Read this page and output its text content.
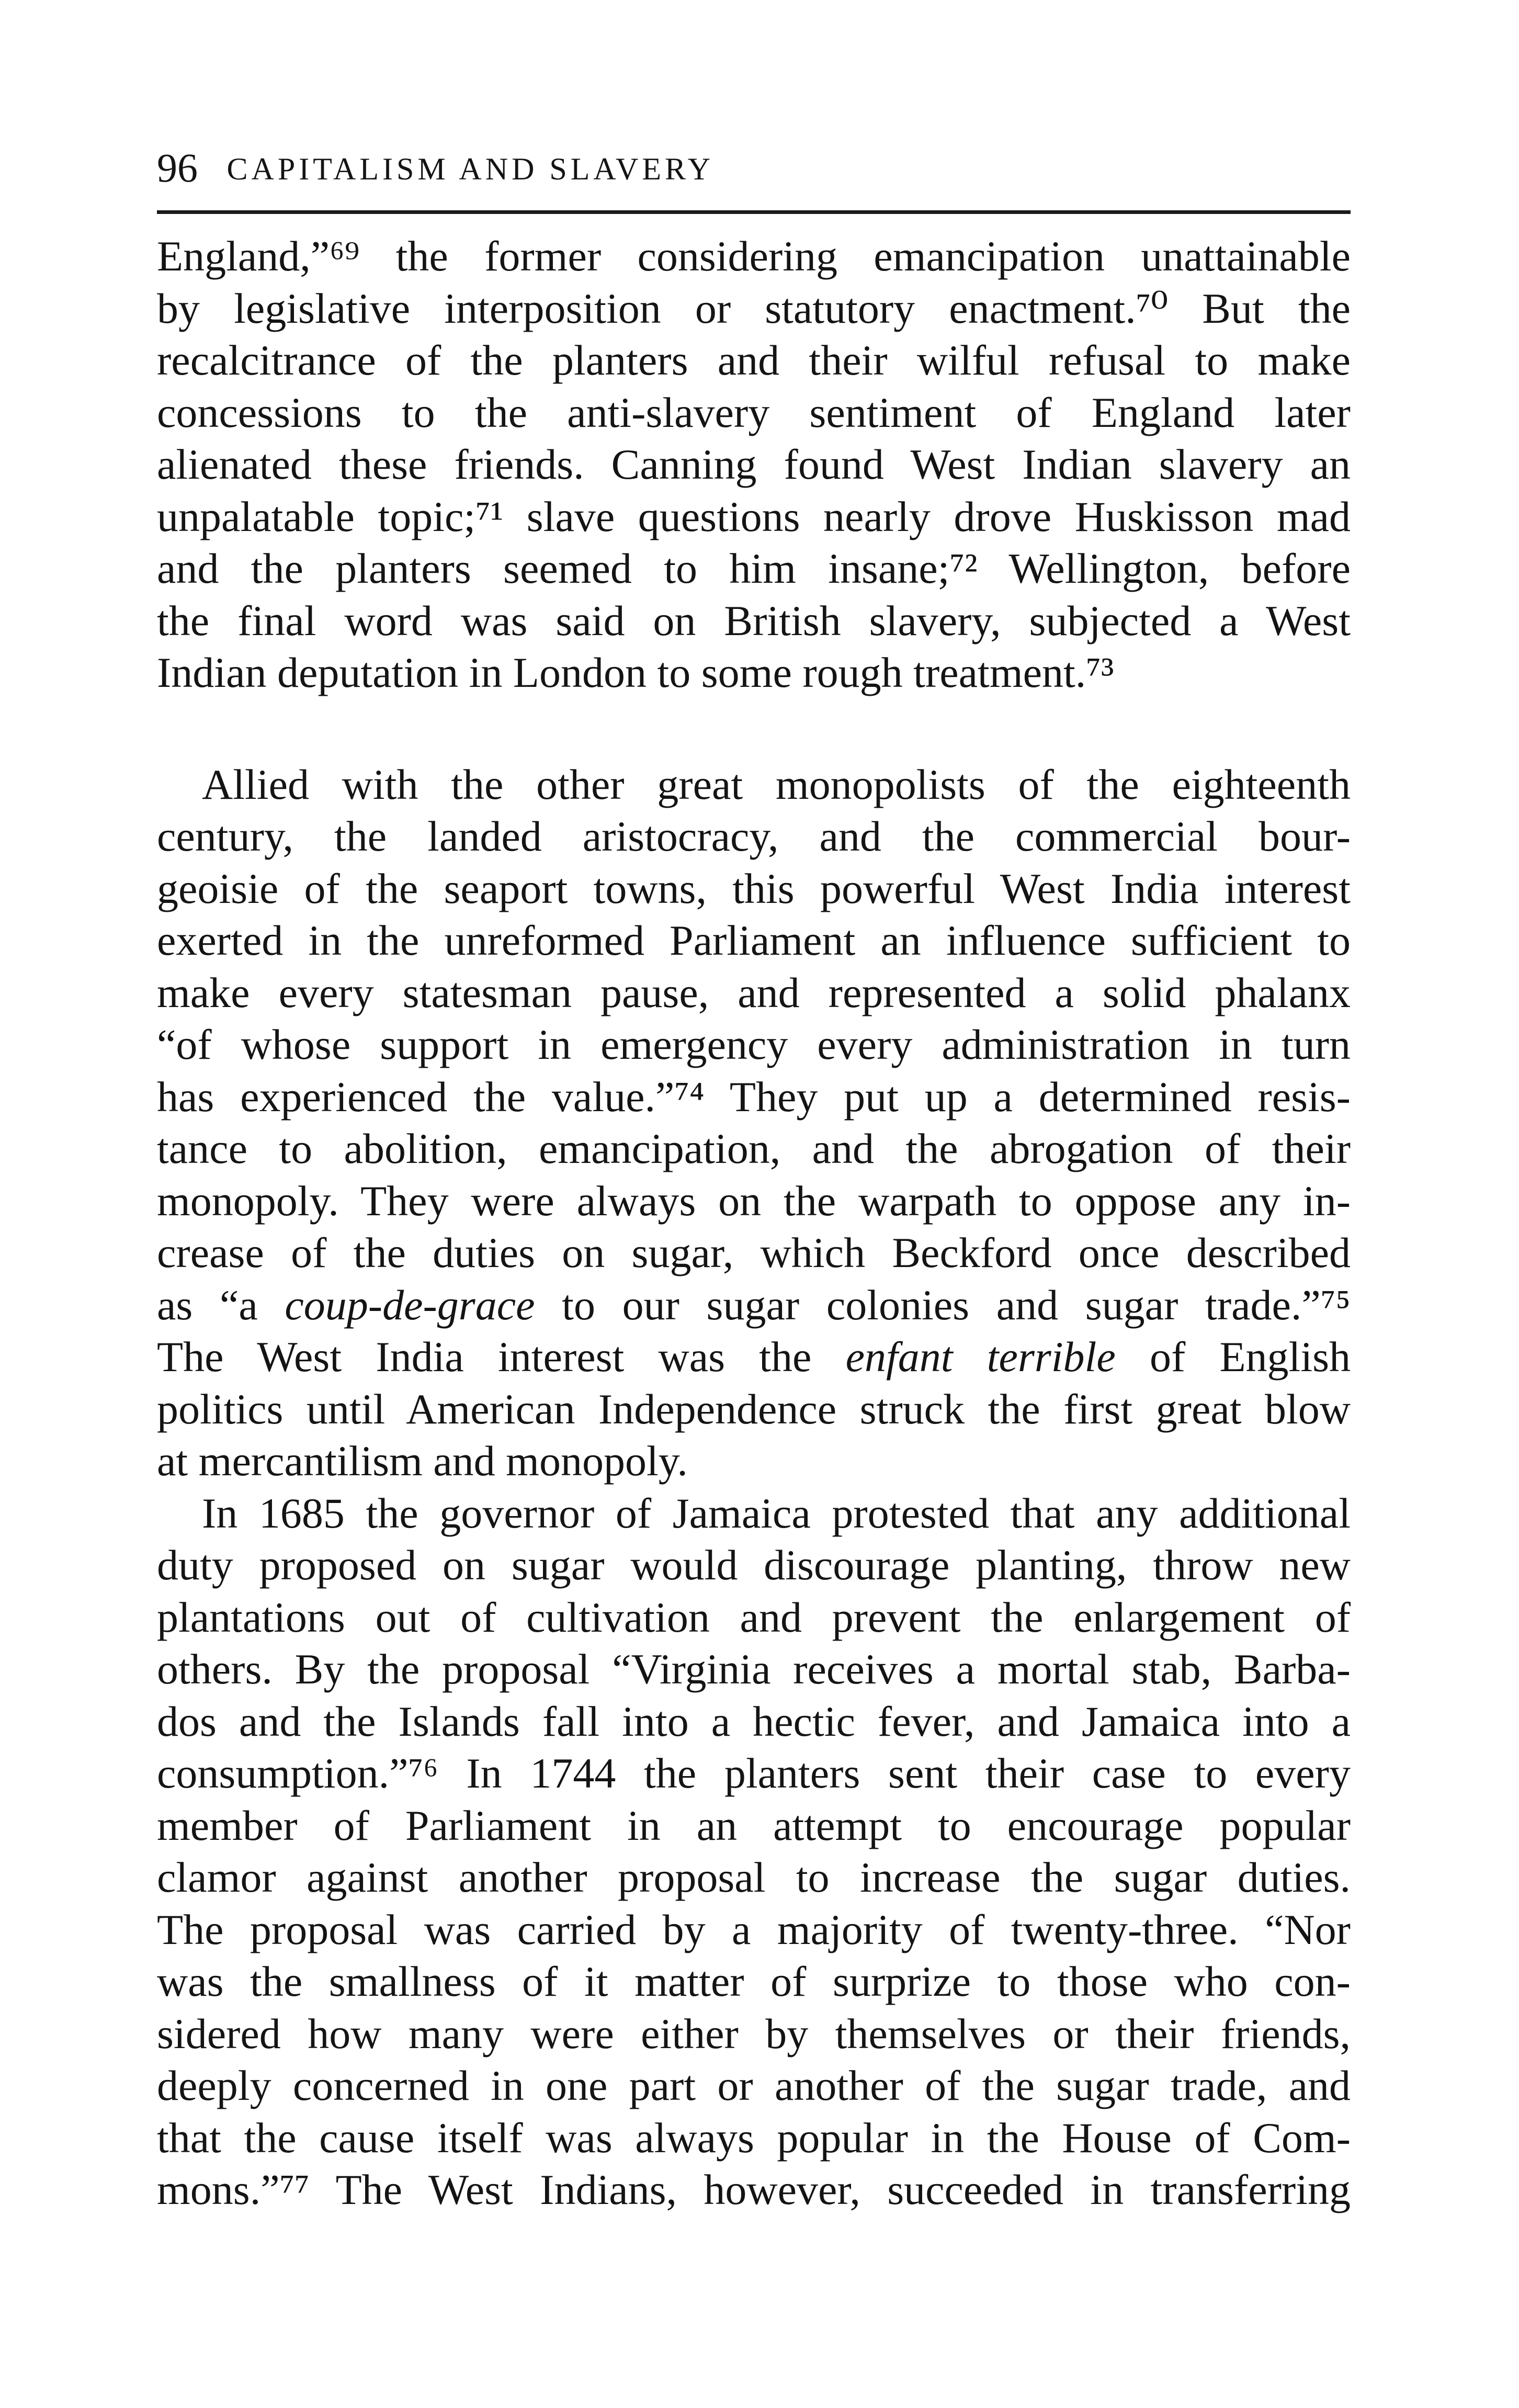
96 CAPITALISM AND SLAVERY
England,”⁶⁹ the former considering emancipation unattainable
by legislative interposition or statutory enactment.⁷⁰ But the
recalcitrance of the planters and their wilful refusal to make
concessions to the anti-slavery sentiment of England later
alienated these friends. Canning found West Indian slavery an
unpalatable topic;⁷¹ slave questions nearly drove Huskisson mad
and the planters seemed to him insane;⁷² Wellington, before
the final word was said on British slavery, subjected a West
Indian deputation in London to some rough treatment.⁷³
Allied with the other great monopolists of the eighteenth
century, the landed aristocracy, and the commercial bour-
geoisie of the seaport towns, this powerful West India interest
exerted in the unreformed Parliament an influence sufficient to
make every statesman pause, and represented a solid phalanx
“of whose support in emergency every administration in turn
has experienced the value.”⁷⁴ They put up a determined resis-
tance to abolition, emancipation, and the abrogation of their
monopoly. They were always on the warpath to oppose any in-
crease of the duties on sugar, which Beckford once described
as “a coup-de-grace to our sugar colonies and sugar trade.”⁷⁵
The West India interest was the enfant terrible of English
politics until American Independence struck the first great blow
at mercantilism and monopoly.
In 1685 the governor of Jamaica protested that any additional
duty proposed on sugar would discourage planting, throw new
plantations out of cultivation and prevent the enlargement of
others. By the proposal “Virginia receives a mortal stab, Barba-
dos and the Islands fall into a hectic fever, and Jamaica into a
consumption.”⁷⁶ In 1744 the planters sent their case to every
member of Parliament in an attempt to encourage popular
clamor against another proposal to increase the sugar duties.
The proposal was carried by a majority of twenty-three. “Nor
was the smallness of it matter of surprize to those who con-
sidered how many were either by themselves or their friends,
deeply concerned in one part or another of the sugar trade, and
that the cause itself was always popular in the House of Com-
mons.”⁷⁷ The West Indians, however, succeeded in transferring
